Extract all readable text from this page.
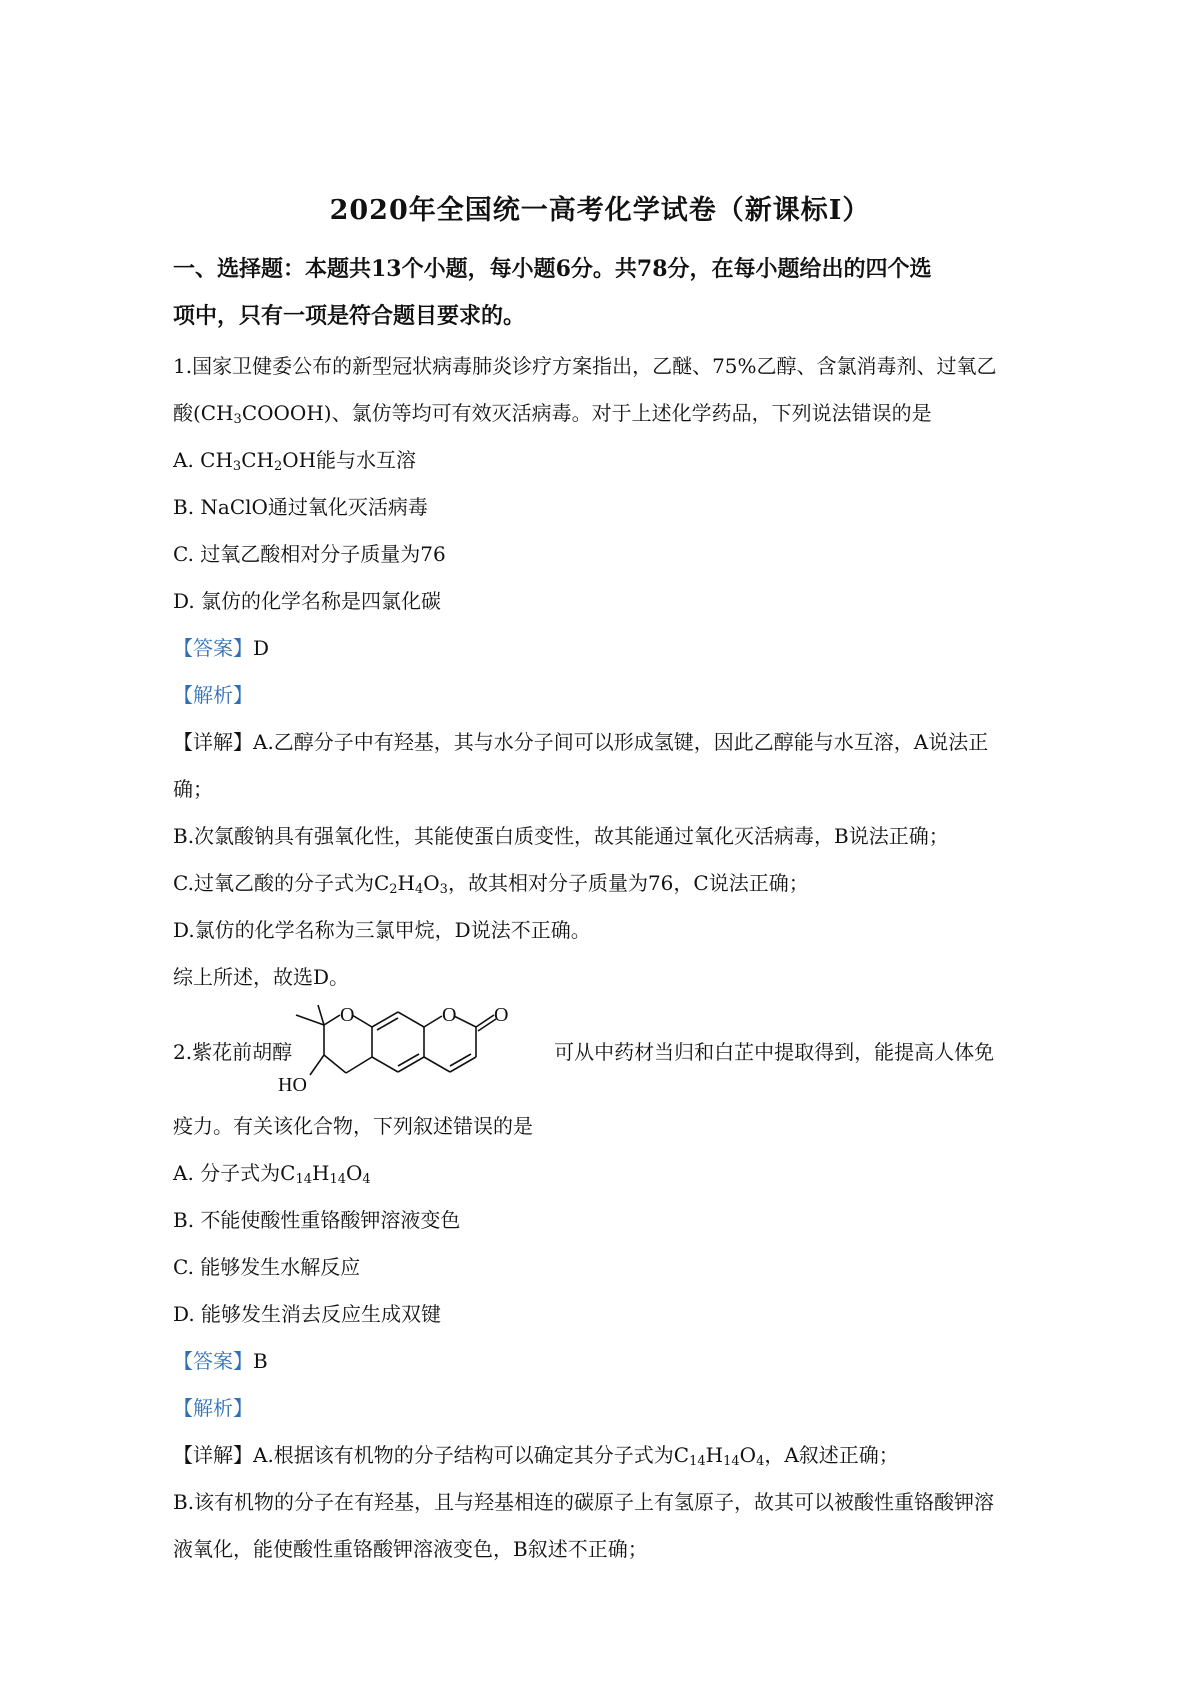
2020年全国统一高考化学试卷（新课标Ⅰ）
一、选择题：本题共13个小题，每小题6分。共78分，在每小题给出的四个选
项中，只有一项是符合题目要求的。
1.国家卫健委公布的新型冠状病毒肺炎诊疗方案指出，乙醚、75%乙醇、含氯消毒剂、过氧乙
酸$(CH_3COOOH)$、氯仿等均可有效灭活病毒。对于上述化学药品，下列说法错误的是
A. $CH_3CH_2OH$能与水互溶
B. NaClO通过氧化灭活病毒
C. 过氧乙酸相对分子质量为76
D. 氯仿的化学名称是四氯化碳
【答案】D
【解析】
【详解】A.乙醇分子中有羟基，其与水分子间可以形成氢键，因此乙醇能与水互溶，A说法正
确；
B.次氯酸钠具有强氧化性，其能使蛋白质变性，故其能通过氧化灭活病毒，B说法正确；
C.过氧乙酸的分子式为$C_2H_4O_3$，故其相对分子质量为76，C说法正确；
D.氯仿的化学名称为三氯甲烷，D说法不正确。
综上所述，故选D。
2.紫花前胡醇	可从中药材当归和白芷中提取得到，能提高人体免
O	O O
HO
疫力。有关该化合物，下列叙述错误的是
A. 分子式为$C_{14}H_{14}O_4$
B. 不能使酸性重铬酸钾溶液变色
C. 能够发生水解反应
D. 能够发生消去反应生成双键
【答案】B
【解析】
【详解】A.根据该有机物的分子结构可以确定其分子式为$C_{14}H_{14}O_4$，A叙述正确；
B.该有机物的分子在有羟基，且与羟基相连的碳原子上有氢原子，故其可以被酸性重铬酸钾溶
液氧化，能使酸性重铬酸钾溶液变色，B叙述不正确；
